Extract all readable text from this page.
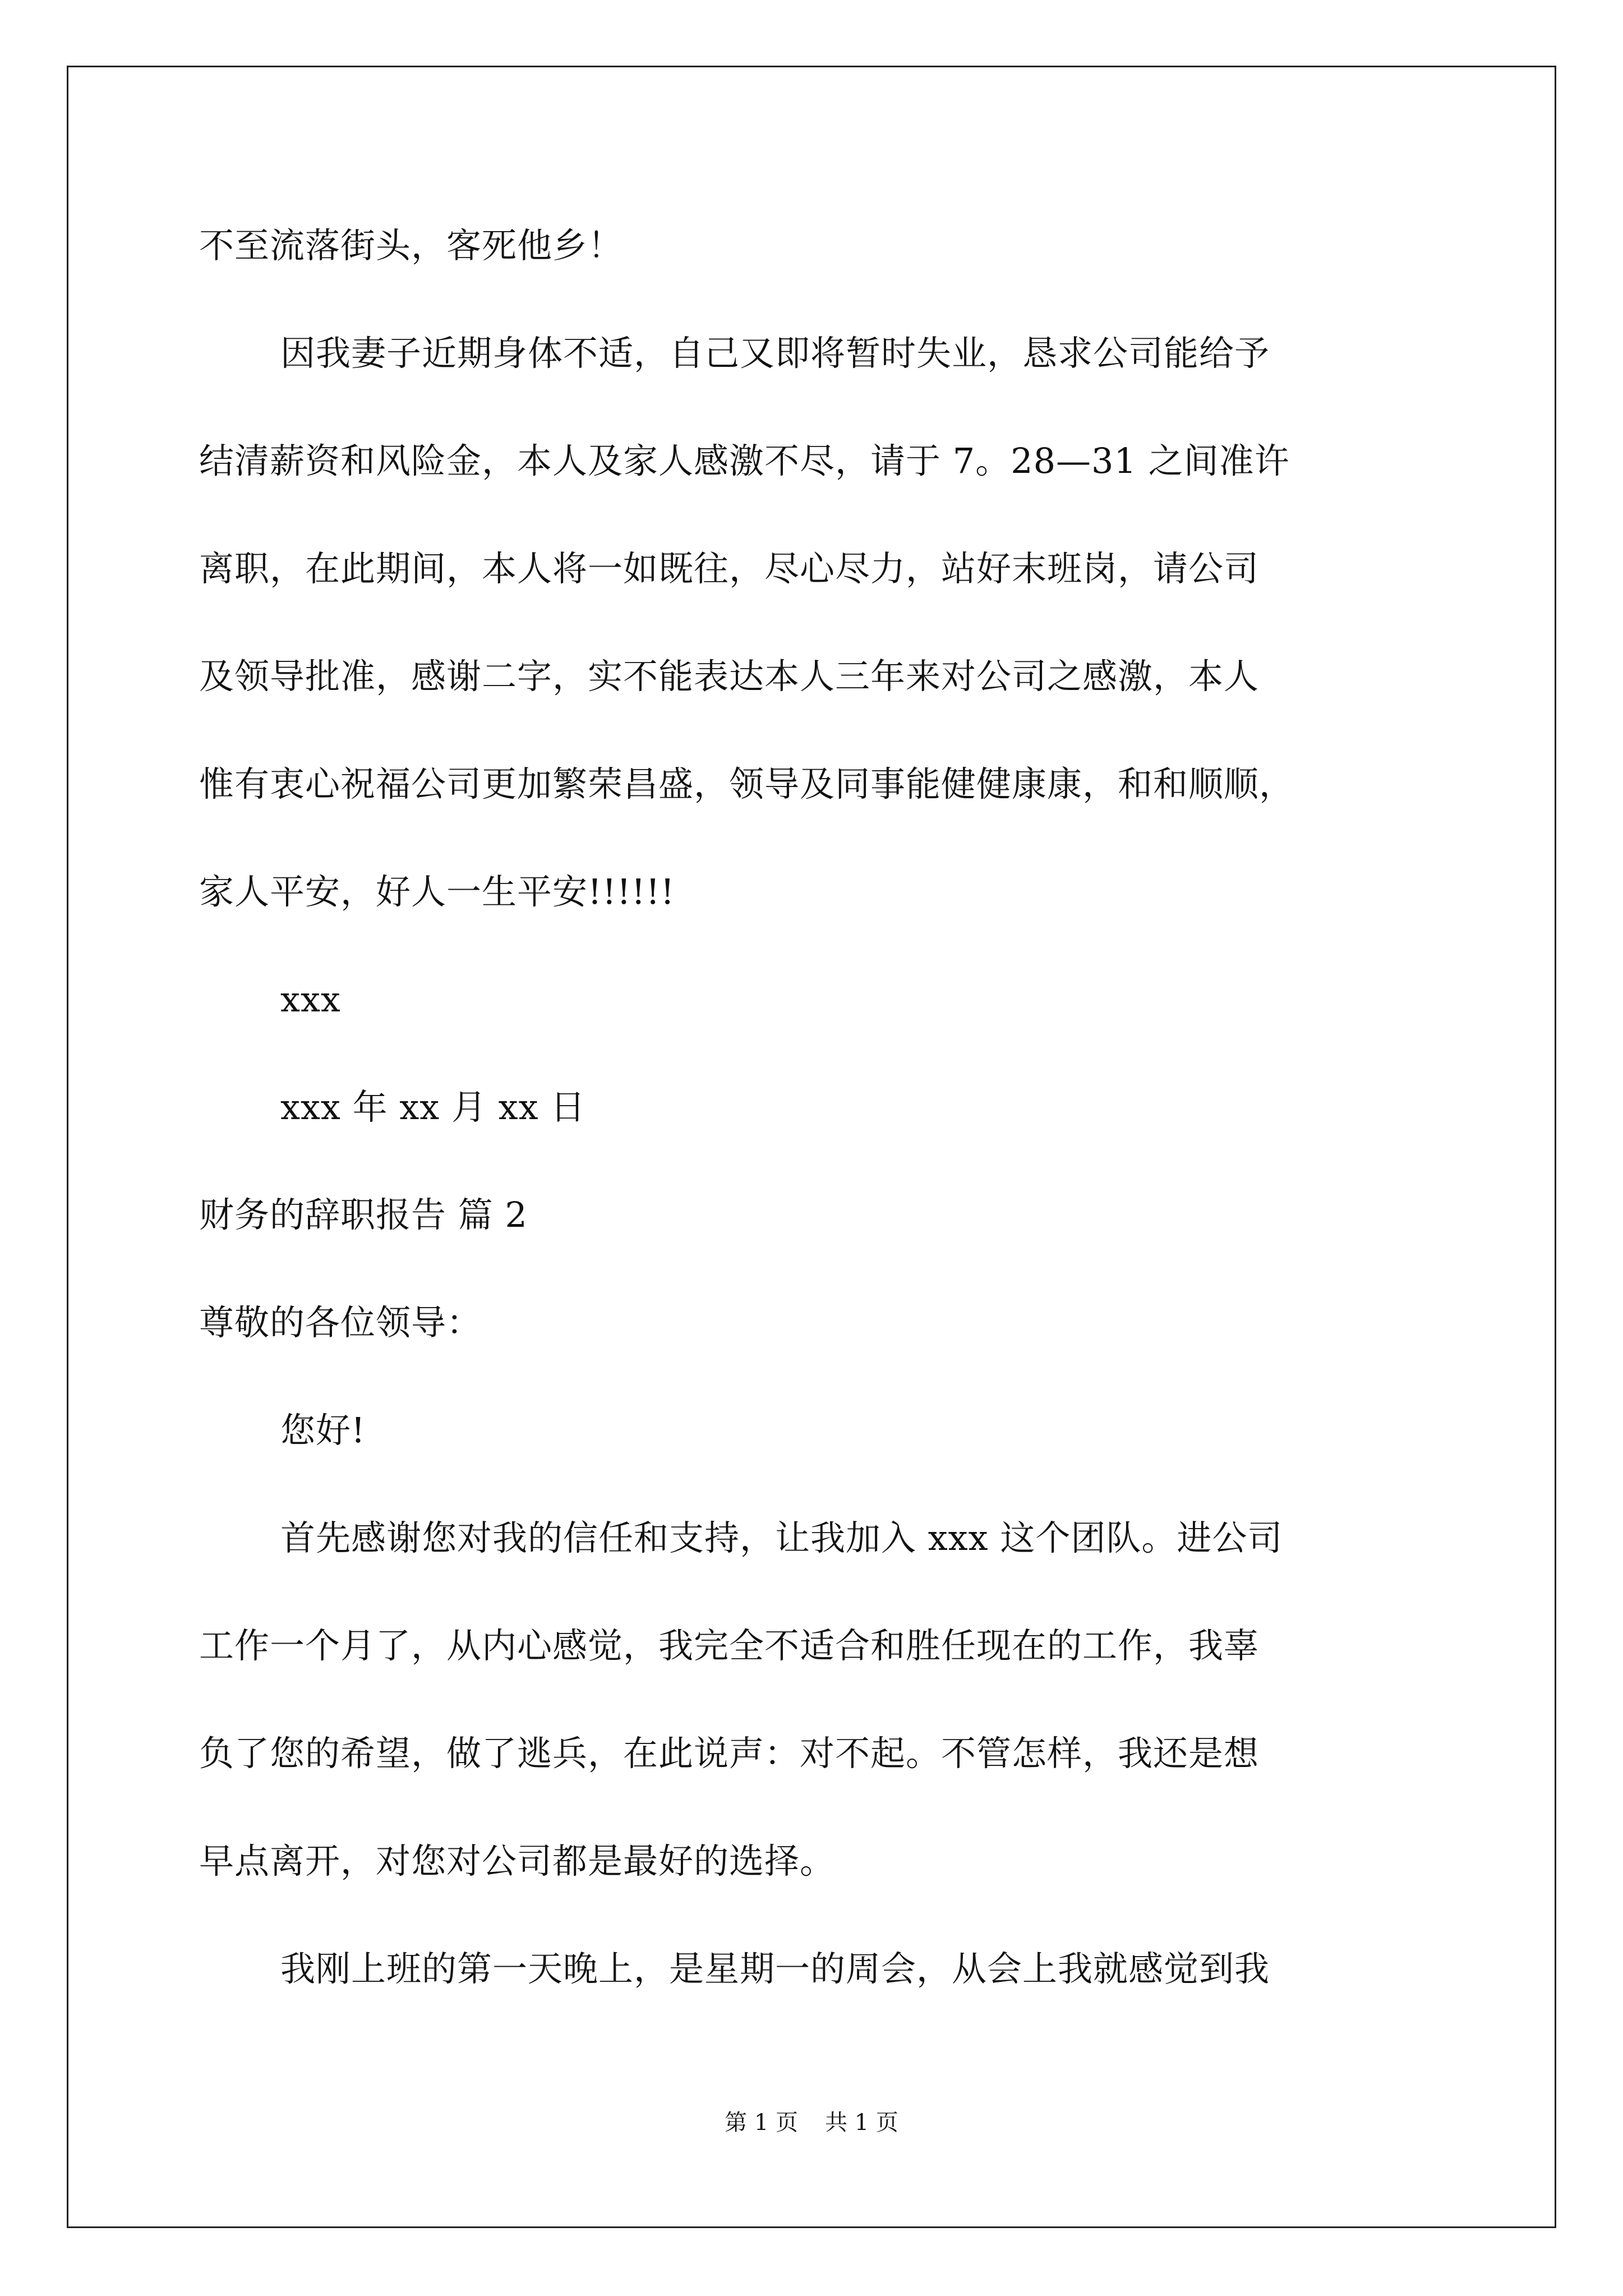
不至流落街头，客死他乡！
因我妻子近期身体不适，自己又即将暂时失业，恳求公司能给予
结清薪资和风险金，本人及家人感激不尽，请于 7。28—31 之间准许
离职，在此期间，本人将一如既往，尽心尽力，站好末班岗，请公司
及领导批准，感谢二字，实不能表达本人三年来对公司之感激，本人
惟有衷心祝福公司更加繁荣昌盛，领导及同事能健健康康，和和顺顺，
家人平安，好人一生平安!!!!!!
xxx
xxx 年 xx 月 xx 日
财务的辞职报告 篇 2
尊敬的各位领导：
您好!
首先感谢您对我的信任和支持，让我加入 xxx 这个团队。进公司
工作一个月了，从内心感觉，我完全不适合和胜任现在的工作，我辜
负了您的希望，做了逃兵，在此说声：对不起。不管怎样，我还是想
早点离开，对您对公司都是最好的选择。
我刚上班的第一天晚上，是星期一的周会，从会上我就感觉到我
第 1 页 共 1 页
